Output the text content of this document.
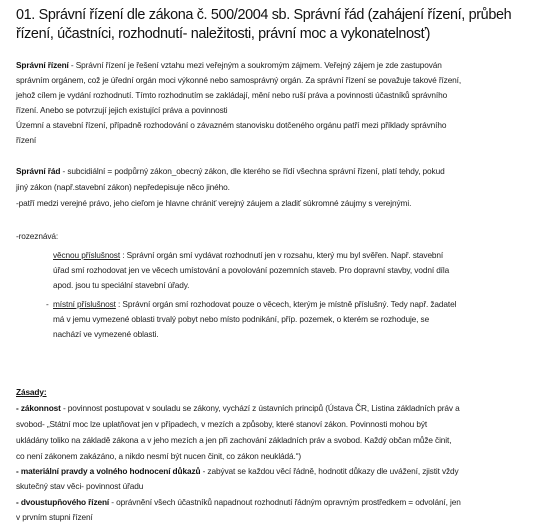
01. Správní řízení dle zákona č. 500/2004 sb. Správní řád (zahájení řízení, průbeh
řízení, účastníci, rozhodnutí- naležitosti, právní moc a vykonatelnosť)
Správní řízení - Správní řízení je řešení vztahu mezi veřejným a soukromým zájmem. Veřejný zájem je zde zastupován
správním orgánem, což je úřední orgán moci výkonné nebo samosprávný orgán. Za správní řízení se považuje takové řízení,
jehož cílem je vydání rozhodnutí. Tímto rozhodnutím se zakládají, mění nebo ruší práva a povinnosti účastníků správního
řízení. Anebo se potvrzují jejich existující práva a povinnosti
Územní a stavební řízení, případně rozhodování o závazném stanovisku dotčeného orgánu patří mezi příklady správního
řízení
Správní řád - subcidiální = podpůrný zákon_obecný zákon, dle kterého se řídí všechna správní řízení, platí tehdy, pokud
jiný zákon (např.stavební zákon) nepředepisuje něco jiného.
-patří medzi verejné právo, jeho cieľom je hlavne chrániť verejný záujem a zladiť súkromné záujmy s verejnými.
-rozeznává:
věcnou příslušnost : Správní orgán smí vydávat rozhodnutí jen v rozsahu, který mu byl svěřen. Např. stavební
úřad smí rozhodovat jen ve věcech umístování a povolování pozemních staveb. Pro dopravní stavby, vodní díla
apod. jsou tu speciální stavební úřady.
- místní příslušnost : Správní orgán smí rozhodovat pouze o věcech, kterým je místně příslušný. Tedy např. žadatel
má v jemu vymezené oblasti trvalý pobyt nebo místo podnikání, příp. pozemek, o kterém se rozhoduje, se
nachází ve vymezené oblasti.
Zásady:
- zákonnost - povinnost postupovat v souladu se zákony, vychází z ústavních principů (Ústava ČR, Listina základních práv a
svobod- „Státní moc lze uplatňovat jen v případech, v mezích a způsoby, které stanoví zákon. Povinnosti mohou být
ukládány toliko na základě zákona a v jeho mezích a jen při zachování základních práv a svobod. Každý občan může činit,
co není zákonem zakázáno, a nikdo nesmí být nucen činit, co zákon neukládá.“)
- materiální pravdy a volného hodnocení důkazů - zabývat se každou věcí řádně, hodnotit důkazy dle uvážení, zjistit vždy
skutečný stav věci- povinnost úřadu
- dvoustupňového řízení - oprávnění všech účastníků napadnout rozhodnutí řádným opravným prostředkem = odvolání, jen
v prvním stupni řízení
